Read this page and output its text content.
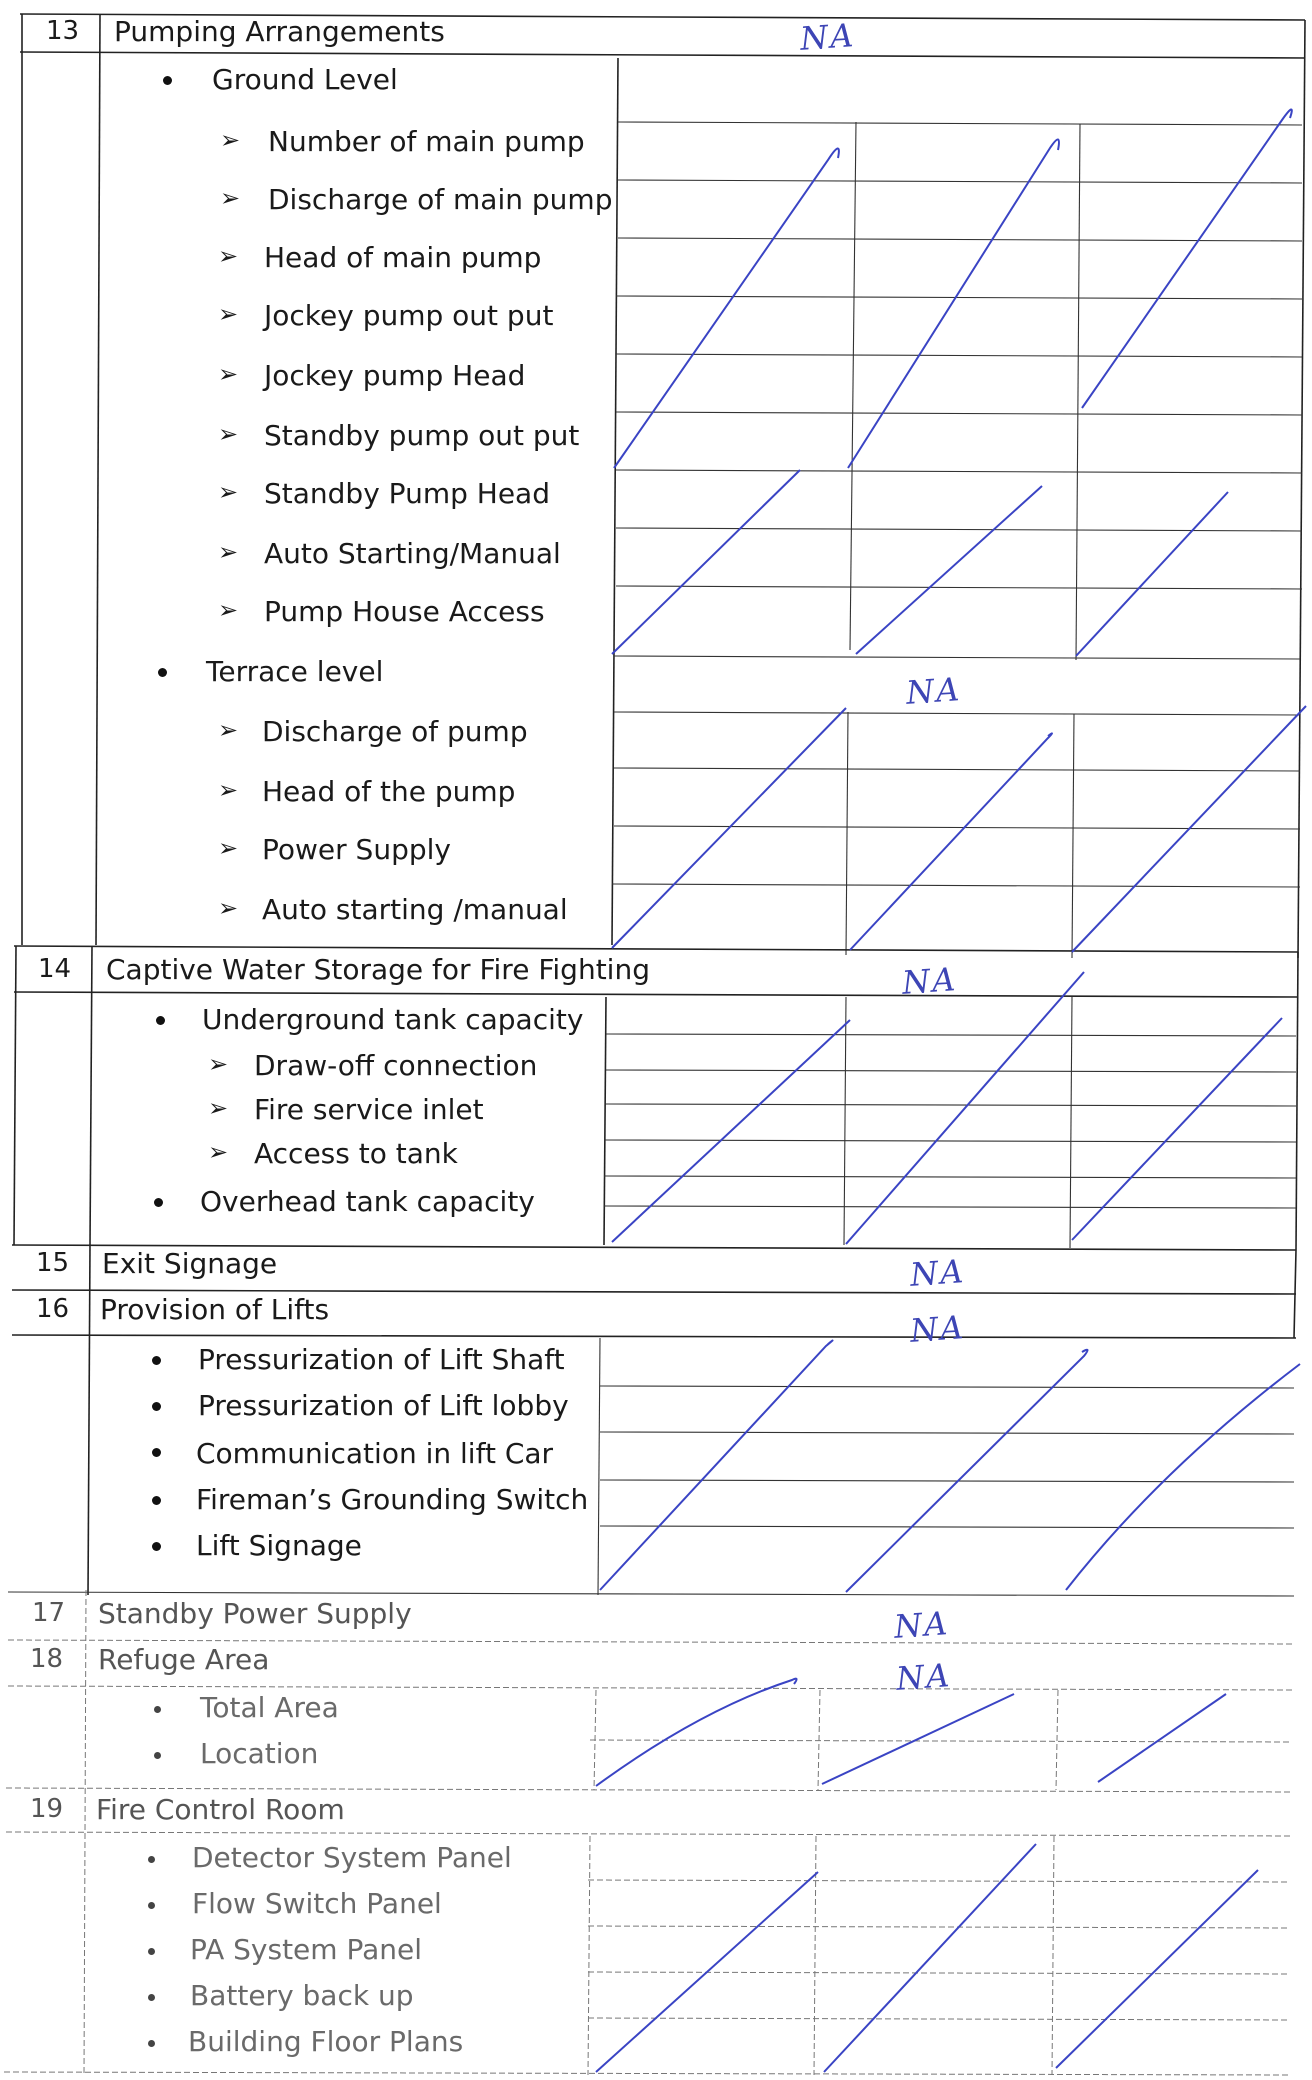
13 Pumping Arrangements	NA
Ground Level
➢ Number of main pump
➢ Discharge of main pump
➢ Head of main pump
➢ Jockey pump out put
➢ Jockey pump Head
➢ Standby pump out put
➢ Standby Pump Head
➢ Auto Starting/Manual
➢ Pump House Access
Terrace level	NA
➢ Discharge of pump
➢ Head of the pump
➢ Power Supply
➢ Auto starting /manual
14 Captive Water Storage for Fire Fighting	NA
Underground tank capacity
➢ Draw-off connection
➢ Fire service inlet
➢ Access to tank
Overhead tank capacity
15 Exit Signage	NA
16 Provision of Lifts	NA
Pressurization of Lift Shaft
Pressurization of Lift lobby
Communication in lift Car
Fireman’s Grounding Switch
Lift Signage
17 Standby Power Supply	NA
18 Refuge Area	NA
Total Area
Location
19 Fire Control Room
Detector System Panel
Flow Switch Panel
PA System Panel
Battery back up
Building Floor Plans
